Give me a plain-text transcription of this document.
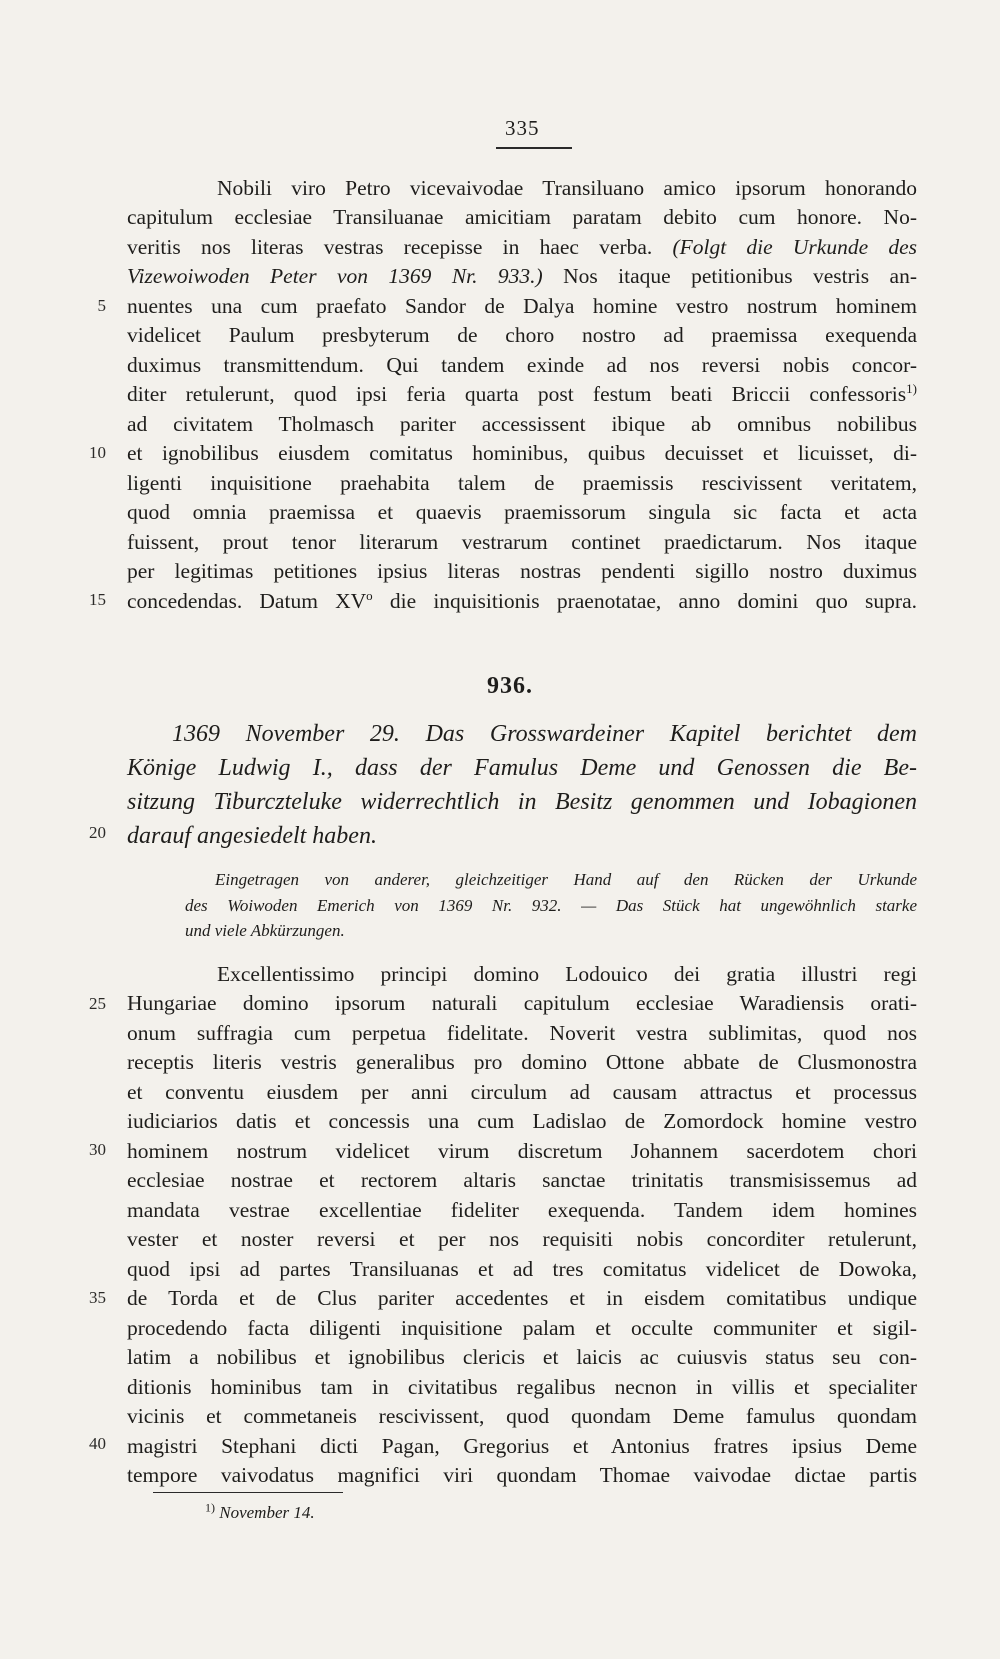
335
5
10
15
20
25
30
35
40
Nobili viro Petro vicevaivodae Transiluano amico ipsorum honorando
capitulum ecclesiae Transiluanae amicitiam paratam debito cum honore. No-
veritis nos literas vestras recepisse in haec verba. (Folgt die Urkunde des
Vizewoiwoden Peter von 1369 Nr. 933.) Nos itaque petitionibus vestris an-
nuentes una cum praefato Sandor de Dalya homine vestro nostrum hominem
videlicet Paulum presbyterum de choro nostro ad praemissa exequenda
duximus transmittendum. Qui tandem exinde ad nos reversi nobis concor-
diter retulerunt, quod ipsi feria quarta post festum beati Briccii confessoris$^{1)}$
ad civitatem Tholmasch pariter accessissent ibique ab omnibus nobilibus
et ignobilibus eiusdem comitatus hominibus, quibus decuisset et licuisset, di-
ligenti inquisitione praehabita talem de praemissis rescivissent veritatem,
quod omnia praemissa et quaevis praemissorum singula sic facta et acta
fuissent, prout tenor literarum vestrarum continet praedictarum. Nos itaque
per legitimas petitiones ipsius literas nostras pendenti sigillo nostro duximus
concedendas. Datum $XV^o$ die inquisitionis praenotatae, anno domini quo supra.
936.
1369 November 29. Das Grosswardeiner Kapitel berichtet dem
Könige Ludwig I., dass der Famulus Deme und Genossen die Be-
sitzung Tiburczteluke widerrechtlich in Besitz genommen und Iobagionen
darauf angesiedelt haben.
Eingetragen von anderer, gleichzeitiger Hand auf den Rücken der Urkunde
des Woiwoden Emerich von 1369 Nr. 932. — Das Stück hat ungewöhnlich starke
und viele Abkürzungen.
Excellentissimo principi domino Lodouico dei gratia illustri regi
Hungariae domino ipsorum naturali capitulum ecclesiae Waradiensis orati-
onum suffragia cum perpetua fidelitate. Noverit vestra sublimitas, quod nos
receptis literis vestris generalibus pro domino Ottone abbate de Clusmonostra
et conventu eiusdem per anni circulum ad causam attractus et processus
iudiciarios datis et concessis una cum Ladislao de Zomordock homine vestro
hominem nostrum videlicet virum discretum Johannem sacerdotem chori
ecclesiae nostrae et rectorem altaris sanctae trinitatis transmisissemus ad
mandata vestrae excellentiae fideliter exequenda. Tandem idem homines
vester et noster reversi et per nos requisiti nobis concorditer retulerunt,
quod ipsi ad partes Transiluanas et ad tres comitatus videlicet de Dowoka,
de Torda et de Clus pariter accedentes et in eisdem comitatibus undique
procedendo facta diligenti inquisitione palam et occulte communiter et sigil-
latim a nobilibus et ignobilibus clericis et laicis ac cuiusvis status seu con-
ditionis hominibus tam in civitatibus regalibus necnon in villis et specialiter
vicinis et commetaneis rescivissent, quod quondam Deme famulus quondam
magistri Stephani dicti Pagan, Gregorius et Antonius fratres ipsius Deme
tempore vaivodatus magnifici viri quondam Thomae vaivodae dictae partis
$^{1)}$ November 14.
